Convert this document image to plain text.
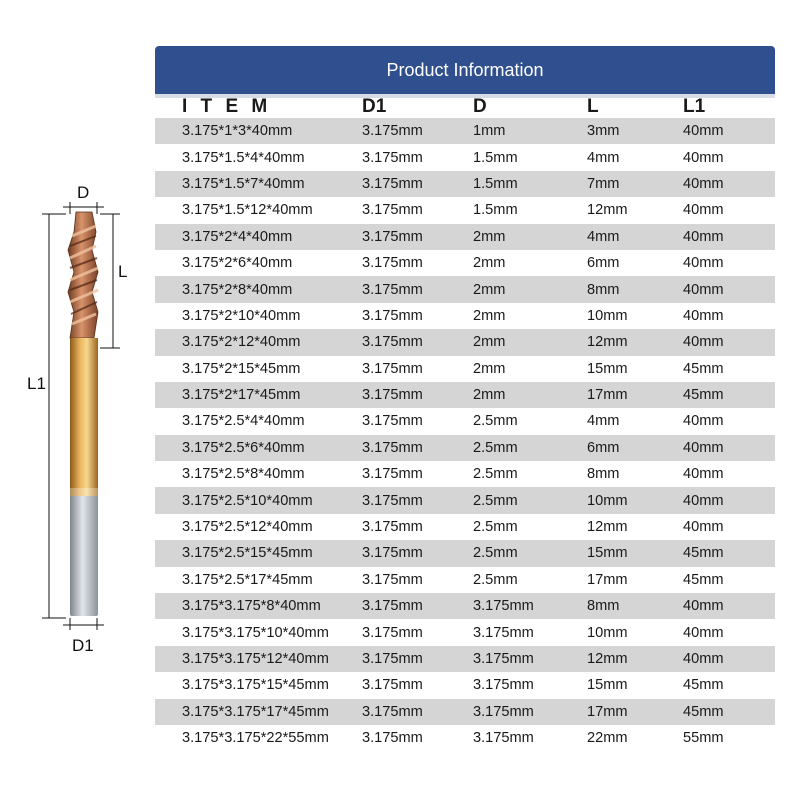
D
L
L1
D1
Product Information
I T E M	D1	D	L	L1
3.175*1*3*40mm	3.175mm	1mm	3mm	40mm
3.175*1.5*4*40mm	3.175mm	1.5mm	4mm	40mm
3.175*1.5*7*40mm	3.175mm	1.5mm	7mm	40mm
3.175*1.5*12*40mm	3.175mm	1.5mm	12mm	40mm
3.175*2*4*40mm	3.175mm	2mm	4mm	40mm
3.175*2*6*40mm	3.175mm	2mm	6mm	40mm
3.175*2*8*40mm	3.175mm	2mm	8mm	40mm
3.175*2*10*40mm	3.175mm	2mm	10mm	40mm
3.175*2*12*40mm	3.175mm	2mm	12mm	40mm
3.175*2*15*45mm	3.175mm	2mm	15mm	45mm
3.175*2*17*45mm	3.175mm	2mm	17mm	45mm
3.175*2.5*4*40mm	3.175mm	2.5mm	4mm	40mm
3.175*2.5*6*40mm	3.175mm	2.5mm	6mm	40mm
3.175*2.5*8*40mm	3.175mm	2.5mm	8mm	40mm
3.175*2.5*10*40mm	3.175mm	2.5mm	10mm	40mm
3.175*2.5*12*40mm	3.175mm	2.5mm	12mm	40mm
3.175*2.5*15*45mm	3.175mm	2.5mm	15mm	45mm
3.175*2.5*17*45mm	3.175mm	2.5mm	17mm	45mm
3.175*3.175*8*40mm	3.175mm	3.175mm	8mm	40mm
3.175*3.175*10*40mm	3.175mm	3.175mm	10mm	40mm
3.175*3.175*12*40mm	3.175mm	3.175mm	12mm	40mm
3.175*3.175*15*45mm	3.175mm	3.175mm	15mm	45mm
3.175*3.175*17*45mm	3.175mm	3.175mm	17mm	45mm
3.175*3.175*22*55mm	3.175mm	3.175mm	22mm	55mm
